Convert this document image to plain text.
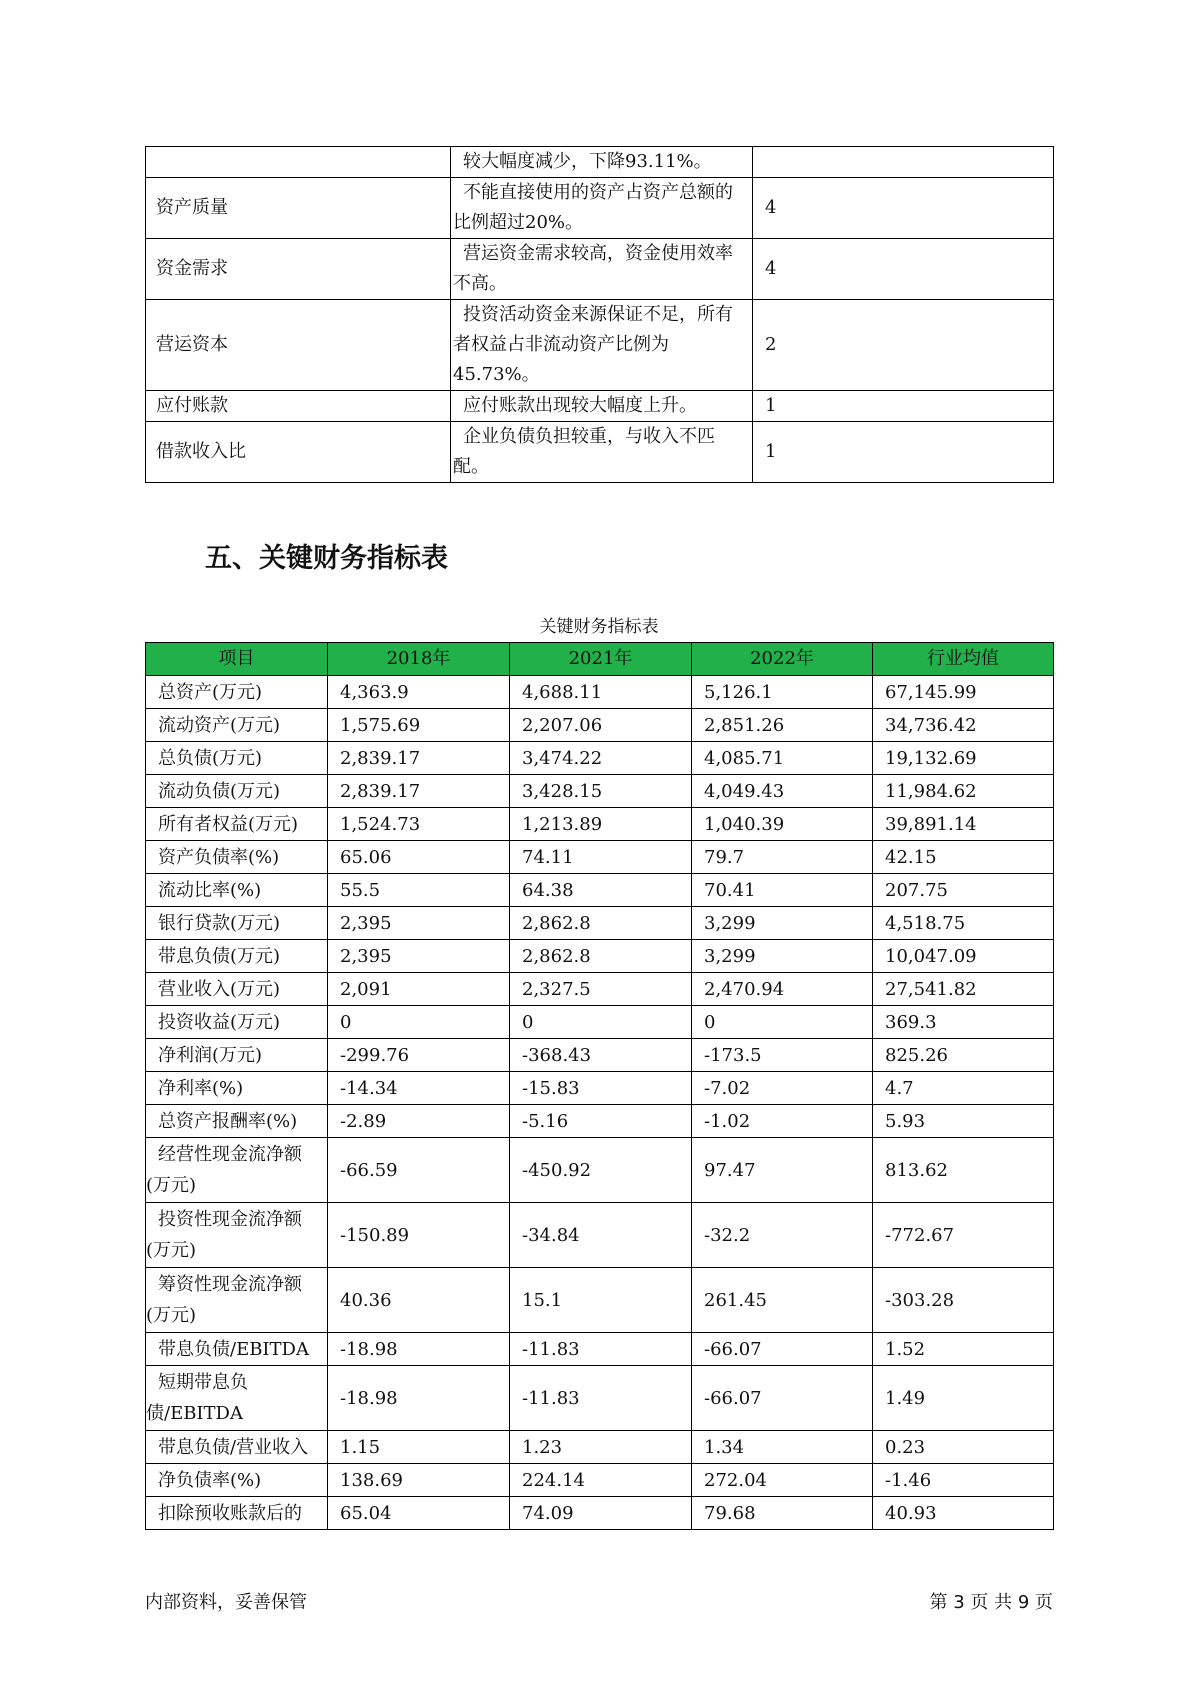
	较大幅度减少，下降93.11%。	
资产质量	不能直接使用的资产占资产总额的比例超过20%。	4
资金需求	营运资金需求较高，资金使用效率不高。	4
营运资本	投资活动资金来源保证不足，所有者权益占非流动资产比例为45.73%。	2
应付账款	应付账款出现较大幅度上升。	1
借款收入比	企业负债负担较重，与收入不匹配。	1
五、关键财务指标表
关键财务指标表
项目	2018年	2021年	2022年	行业均值
总资产(万元)	4,363.9	4,688.11	5,126.1	67,145.99
流动资产(万元)	1,575.69	2,207.06	2,851.26	34,736.42
总负债(万元)	2,839.17	3,474.22	4,085.71	19,132.69
流动负债(万元)	2,839.17	3,428.15	4,049.43	11,984.62
所有者权益(万元)	1,524.73	1,213.89	1,040.39	39,891.14
资产负债率(%)	65.06	74.11	79.7	42.15
流动比率(%)	55.5	64.38	70.41	207.75
银行贷款(万元)	2,395	2,862.8	3,299	4,518.75
带息负债(万元)	2,395	2,862.8	3,299	10,047.09
营业收入(万元)	2,091	2,327.5	2,470.94	27,541.82
投资收益(万元)	0	0	0	369.3
净利润(万元)	-299.76	-368.43	-173.5	825.26
净利率(%)	-14.34	-15.83	-7.02	4.7
总资产报酬率(%)	-2.89	-5.16	-1.02	5.93
经营性现金流净额(万元)	-66.59	-450.92	97.47	813.62
投资性现金流净额(万元)	-150.89	-34.84	-32.2	-772.67
筹资性现金流净额(万元)	40.36	15.1	261.45	-303.28
带息负债/EBITDA	-18.98	-11.83	-66.07	1.52
短期带息负债/EBITDA	-18.98	-11.83	-66.07	1.49
带息负债/营业收入	1.15	1.23	1.34	0.23
净负债率(%)	138.69	224.14	272.04	-1.46
扣除预收账款后的	65.04	74.09	79.68	40.93
内部资料，妥善保管	第 3 页 共 9 页
